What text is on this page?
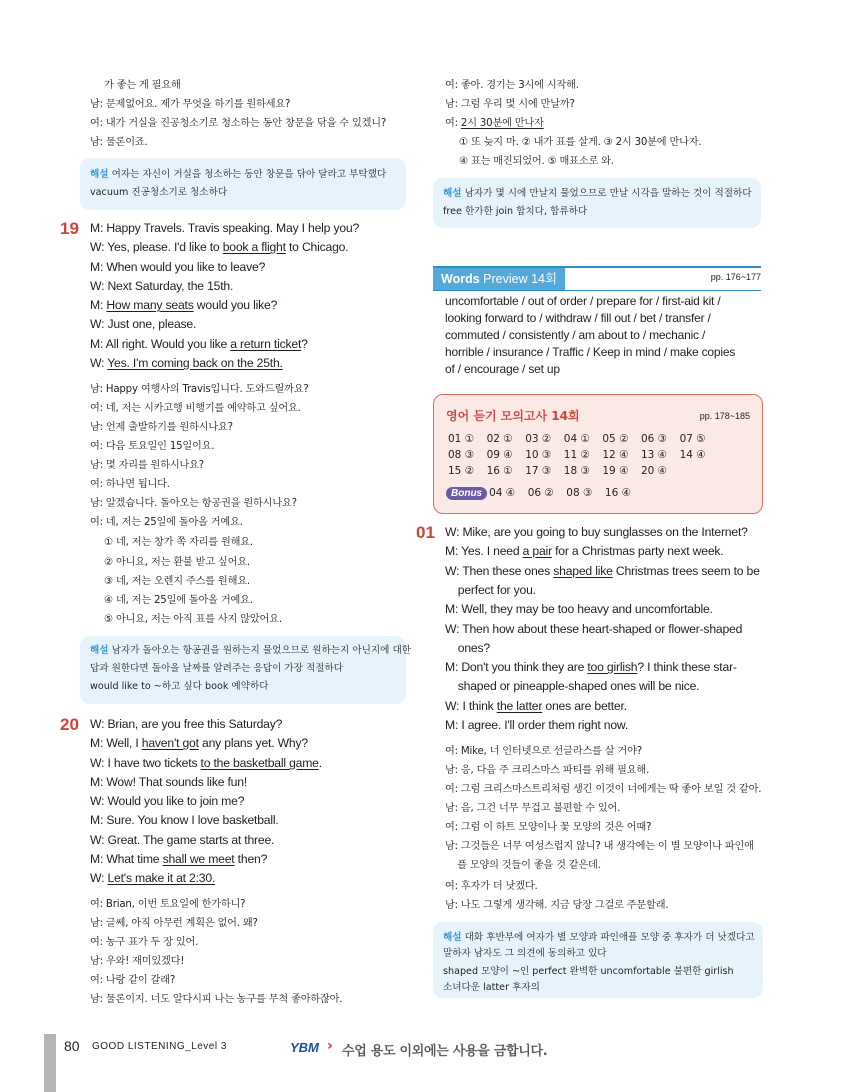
가 좋는 게 필요해
남: 문제없어요. 제가 무엇을 하기를 원하세요?
여: 내가 거실을 진공청소기로 청소하는 동안 창문을 닦을 수 있겠니?
남: 물론이죠.
해설 여자는 자신이 거실을 청소하는 동안 창문을 닦아 달라고 부탁했다
vacuum 진공청소기로 청소하다
19 M: Happy Travels. Travis speaking. May I help you?
W: Yes, please. I'd like to book a flight to Chicago.
M: When would you like to leave?
W: Next Saturday, the 15th.
M: How many seats would you like?
W: Just one, please.
M: All right. Would you like a return ticket?
W: Yes. I'm coming back on the 25th.
남: Happy 여행사의 Travis입니다. 도와드릴까요?
여: 네, 저는 시카고행 비행기를 예약하고 싶어요.
남: 언제 출발하기를 원하시나요?
여: 다음 토요일인 15일이요.
남: 몇 자리를 원하시나요?
여: 하나면 됩니다.
남: 알겠습니다. 돌아오는 항공권을 원하시나요?
여: 네, 저는 25일에 돌아올 거예요.
① 네, 저는 창가 쪽 자리를 원해요.
② 아니요, 저는 환불 받고 싶어요.
③ 네, 저는 오렌지 주스를 원해요.
④ 네, 저는 25일에 돌아올 거예요.
⑤ 아니요, 저는 아직 표를 사지 않았어요.
해설 남자가 돌아오는 항공권을 원하는지 물었으므로 원하는지 아닌지에 대한
답과 원한다면 돌아올 날짜를 알려주는 응답이 가장 적절하다
would like to ~하고 싶다 book 예약하다
20 W: Brian, are you free this Saturday?
M: Well, I haven't got any plans yet. Why?
W: I have two tickets to the basketball game.
M: Wow! That sounds like fun!
W: Would you like to join me?
M: Sure. You know I love basketball.
W: Great. The game starts at three.
M: What time shall we meet then?
W: Let's make it at 2:30.
여: Brian, 이번 토요일에 한가하니?
남: 글쎄, 아직 아무런 계획은 없어. 왜?
여: 농구 표가 두 장 있어.
남: 우와! 재미있겠다!
여: 나랑 같이 갈래?
남: 물론이지. 너도 알다시피 나는 농구를 무척 좋아하잖아.
여: 좋아. 경기는 3시에 시작해.
남: 그럼 우리 몇 시에 만날까?
여: 2시 30분에 만나자
① 또 늦지 마. ② 내가 표를 살게. ③ 2시 30분에 만나자.
④ 표는 매진되었어. ⑤ 매표소로 와.
해설 남자가 몇 시에 만날지 물었으므로 만날 시각을 말하는 것이 적절하다
free 한가한 join 합치다, 합류하다
Words Preview 14회	pp. 176~177
uncomfortable / out of order / prepare for / first-aid kit /
looking forward to / withdraw / fill out / bet / transfer /
commuted / consistently / am about to / mechanic /
horrible / insurance / Traffic / Keep in mind / make copies
of / encourage / set up
영어 듣기 모의고사 14회	pp. 178~185
01 ① 02 ① 03 ② 04 ① 05 ② 06 ③ 07 ⑤
08 ③ 09 ④ 10 ③ 11 ② 12 ④ 13 ④ 14 ④
15 ② 16 ① 17 ③ 18 ③ 19 ④ 20 ④
Bonus 04 ④ 06 ② 08 ③ 16 ④
01 W: Mike, are you going to buy sunglasses on the Internet?
M: Yes. I need a pair for a Christmas party next week.
W: Then these ones shaped like Christmas trees seem to be
perfect for you.
M: Well, they may be too heavy and uncomfortable.
W: Then how about these heart-shaped or flower-shaped
ones?
M: Don't you think they are too girlish? I think these star-
shaped or pineapple-shaped ones will be nice.
W: I think the latter ones are better.
M: I agree. I'll order them right now.
여: Mike, 너 인터넷으로 선글라스를 살 거야?
남: 응, 다음 주 크리스마스 파티를 위해 필요해.
여: 그럼 크리스마스트리처럼 생긴 이것이 너에게는 딱 좋아 보일 것 같아.
남: 음, 그건 너무 무겁고 불편할 수 있어.
여: 그럼 이 하트 모양이나 꽃 모양의 것은 어때?
남: 그것들은 너무 여성스럽지 않니? 내 생각에는 이 별 모양이나 파인애
플 모양의 것들이 좋을 것 같은데.
여: 후자가 더 낫겠다.
남: 나도 그렇게 생각해. 지금 당장 그걸로 주문할래.
해설 대화 후반부에 여자가 별 모양과 파인애플 모양 중 후자가 더 낫겠다고
말하자 남자도 그 의견에 동의하고 있다
shaped 모양이 ~인 perfect 완벽한 uncomfortable 불편한 girlish
소녀다운 latter 후자의
80 GOOD LISTENING_Level 3	YBM › 수업 용도 이외에는 사용을 금합니다.
